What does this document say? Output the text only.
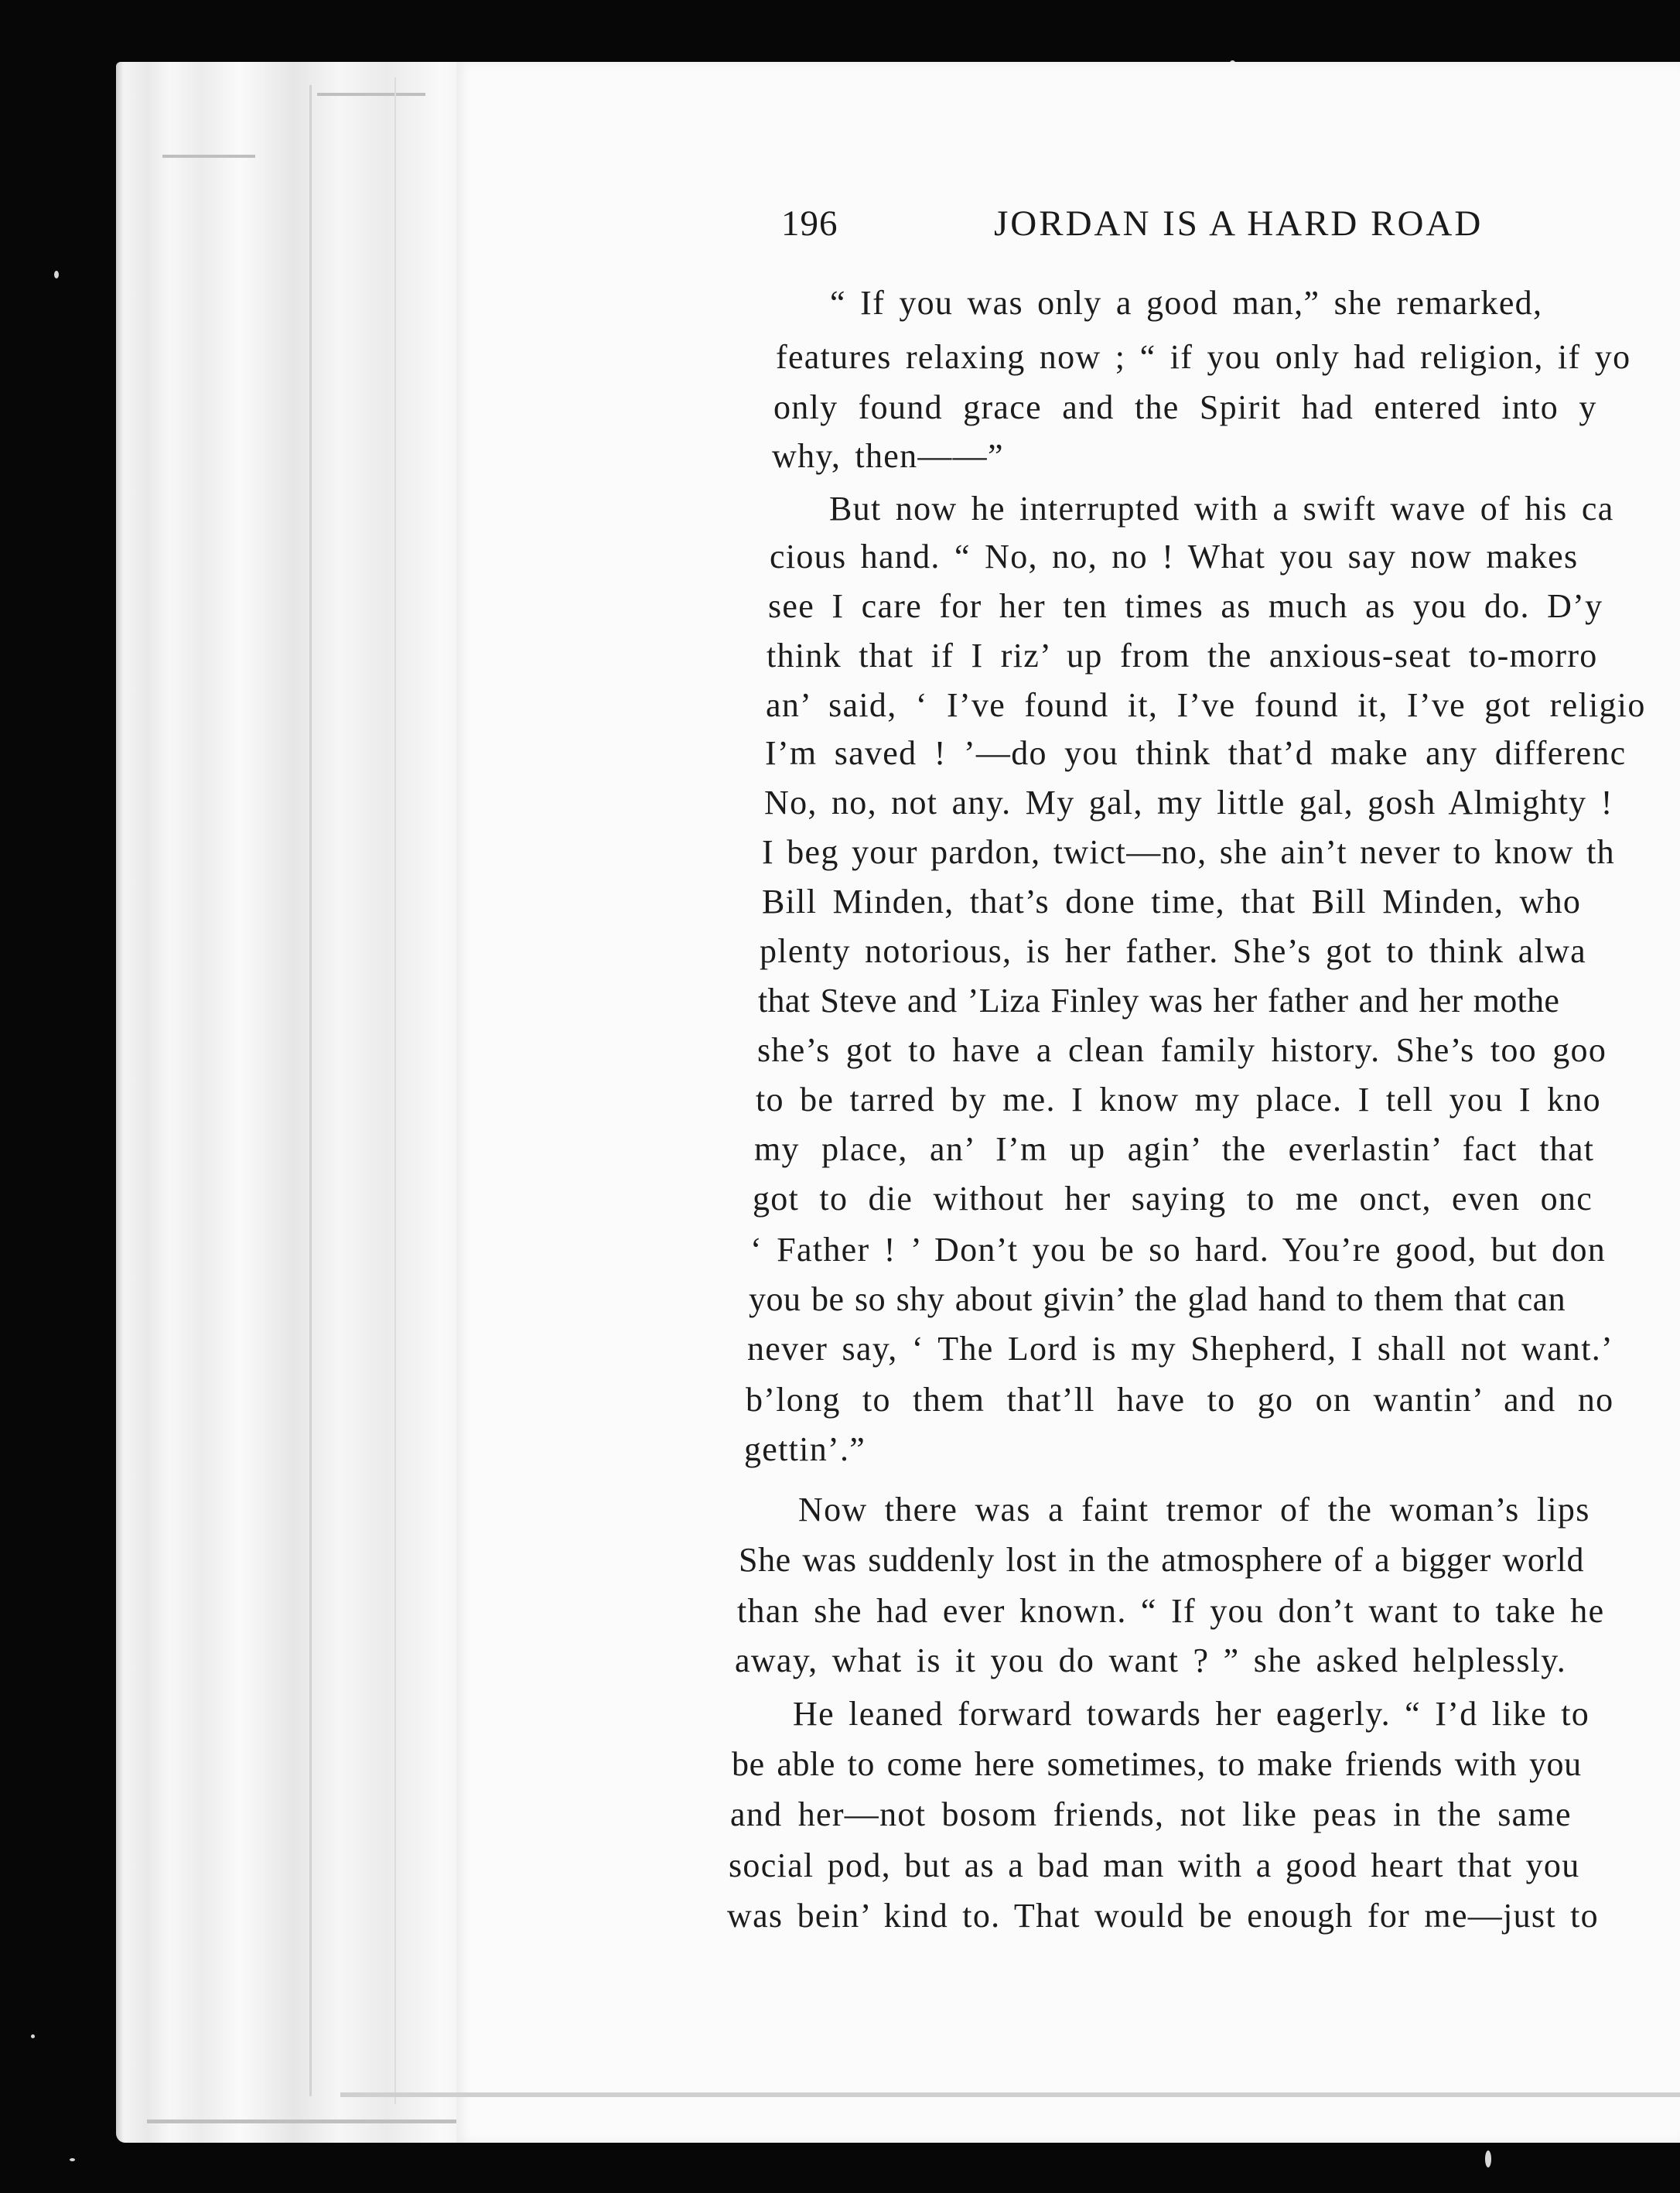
196	JORDAN IS A HARD ROAD
“ If you was only a good man,” she remarked,
features relaxing now ; “ if you only had religion, if yo
only found grace and the Spirit had entered into y
why, then——”
But now he interrupted with a swift wave of his ca
cious hand. “ No, no, no ! What you say now makes
see I care for her ten times as much as you do. D’y
think that if I riz’ up from the anxious-seat to-morro
an’ said, ‘ I’ve found it, I’ve found it, I’ve got religio
I’m saved ! ’—do you think that’d make any differenc
No, no, not any. My gal, my little gal, gosh Almighty !
I beg your pardon, twict—no, she ain’t never to know th
Bill Minden, that’s done time, that Bill Minden, who
plenty notorious, is her father. She’s got to think alwa
that Steve and ’Liza Finley was her father and her mothe
she’s got to have a clean family history. She’s too goo
to be tarred by me. I know my place. I tell you I kno
my place, an’ I’m up agin’ the everlastin’ fact that
got to die without her saying to me onct, even onc
‘ Father ! ’ Don’t you be so hard. You’re good, but don
you be so shy about givin’ the glad hand to them that can
never say, ‘ The Lord is my Shepherd, I shall not want.’
b’long to them that’ll have to go on wantin’ and no
gettin’.”
Now there was a faint tremor of the woman’s lips
She was suddenly lost in the atmosphere of a bigger world
than she had ever known. “ If you don’t want to take he
away, what is it you do want ? ” she asked helplessly.
He leaned forward towards her eagerly. “ I’d like to
be able to come here sometimes, to make friends with you
and her—not bosom friends, not like peas in the same
social pod, but as a bad man with a good heart that you
was bein’ kind to. That would be enough for me—just to
